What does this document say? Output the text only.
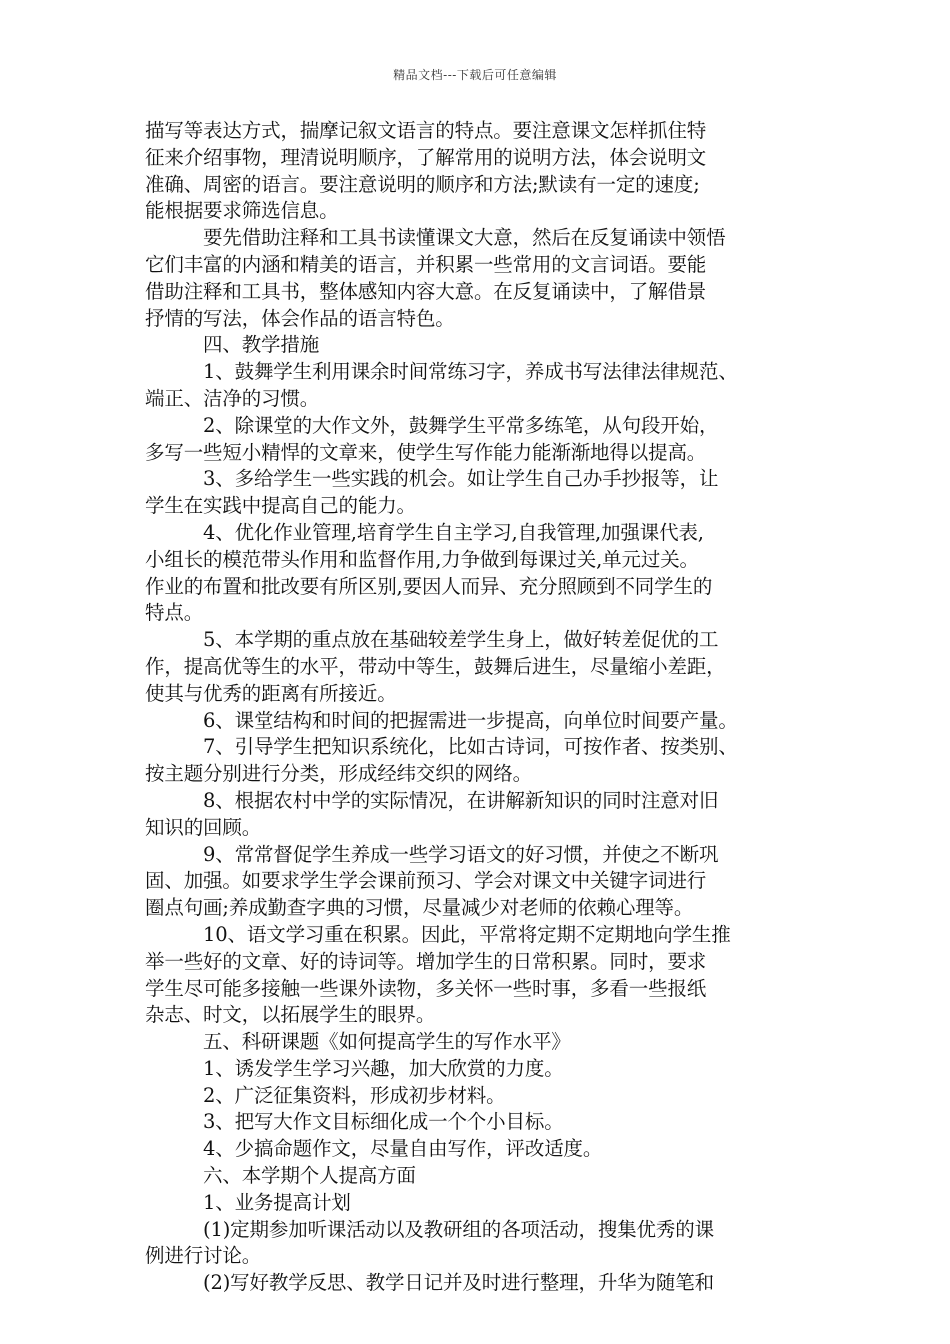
精品文档---下载后可任意编辑
描写等表达方式，揣摩记叙文语言的特点。要注意课文怎样抓住特
征来介绍事物，理清说明顺序，了解常用的说明方法，体会说明文
准确、周密的语言。要注意说明的顺序和方法;默读有一定的速度;
能根据要求筛选信息。
要先借助注释和工具书读懂课文大意，然后在反复诵读中领悟
它们丰富的内涵和精美的语言，并积累一些常用的文言词语。要能
借助注释和工具书，整体感知内容大意。在反复诵读中，了解借景
抒情的写法，体会作品的语言特色。
四、教学措施
1、鼓舞学生利用课余时间常练习字，养成书写法律法律规范、
端正、洁净的习惯。
2、除课堂的大作文外，鼓舞学生平常多练笔，从句段开始，
多写一些短小精悍的文章来，使学生写作能力能渐渐地得以提高。
3、多给学生一些实践的机会。如让学生自己办手抄报等，让
学生在实践中提高自己的能力。
4、优化作业管理,培育学生自主学习,自我管理,加强课代表,
小组长的模范带头作用和监督作用,力争做到每课过关,单元过关。
作业的布置和批改要有所区别,要因人而异、充分照顾到不同学生的
特点。
5、本学期的重点放在基础较差学生身上，做好转差促优的工
作，提高优等生的水平，带动中等生，鼓舞后进生，尽量缩小差距，
使其与优秀的距离有所接近。
6、课堂结构和时间的把握需进一步提高，向单位时间要产量。
7、引导学生把知识系统化，比如古诗词，可按作者、按类别、
按主题分别进行分类，形成经纬交织的网络。
8、根据农村中学的实际情况，在讲解新知识的同时注意对旧
知识的回顾。
9、常常督促学生养成一些学习语文的好习惯，并使之不断巩
固、加强。如要求学生学会课前预习、学会对课文中关键字词进行
圈点句画;养成勤查字典的习惯，尽量减少对老师的依赖心理等。
10、语文学习重在积累。因此，平常将定期不定期地向学生推
举一些好的文章、好的诗词等。增加学生的日常积累。同时，要求
学生尽可能多接触一些课外读物，多关怀一些时事，多看一些报纸
杂志、时文，以拓展学生的眼界。
五、科研课题《如何提高学生的写作水平》
1、诱发学生学习兴趣，加大欣赏的力度。
2、广泛征集资料，形成初步材料。
3、把写大作文目标细化成一个个小目标。
4、少搞命题作文，尽量自由写作，评改适度。
六、本学期个人提高方面
1、业务提高计划
(1)定期参加听课活动以及教研组的各项活动，搜集优秀的课
例进行讨论。
(2)写好教学反思、教学日记并及时进行整理，升华为随笔和
